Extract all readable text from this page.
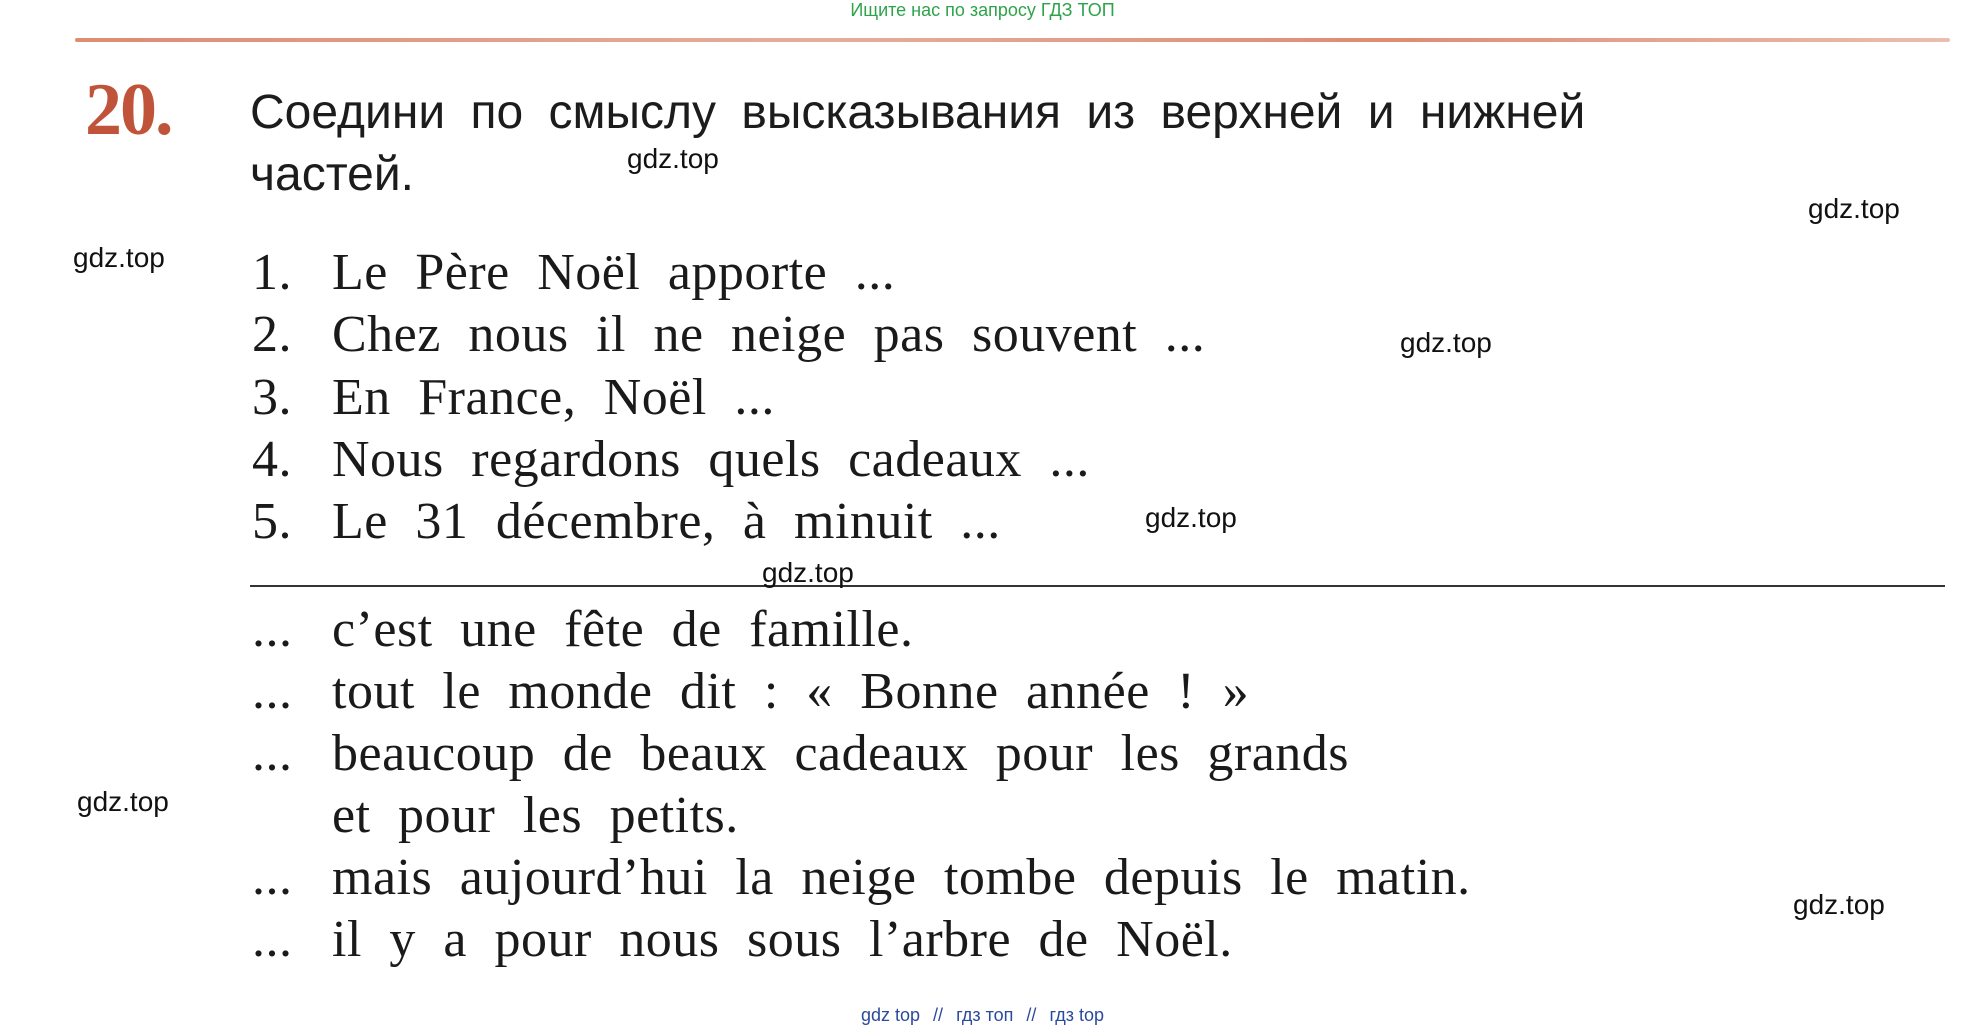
Ищите нас по запросу ГДЗ ТОП
20. Соедини по смыслу высказывания из верхней и нижней
частей.
1. Le Père Noël apporte ...
2. Chez nous il ne neige pas souvent ...
3. En France, Noël ...
4. Nous regardons quels cadeaux ...
5. Le 31 décembre, à minuit ...
... c’est une fête de famille.
... tout le monde dit : « Bonne année ! »
... beaucoup de beaux cadeaux pour les grands
et pour les petits.
... mais aujourd’hui la neige tombe depuis le matin.
... il y a pour nous sous l’arbre de Noël.
gdz.top
gdz.top
gdz.top
gdz.top
gdz.top
gdz.top
gdz.top
gdz.top
gdz top // гдз топ // гдз top
